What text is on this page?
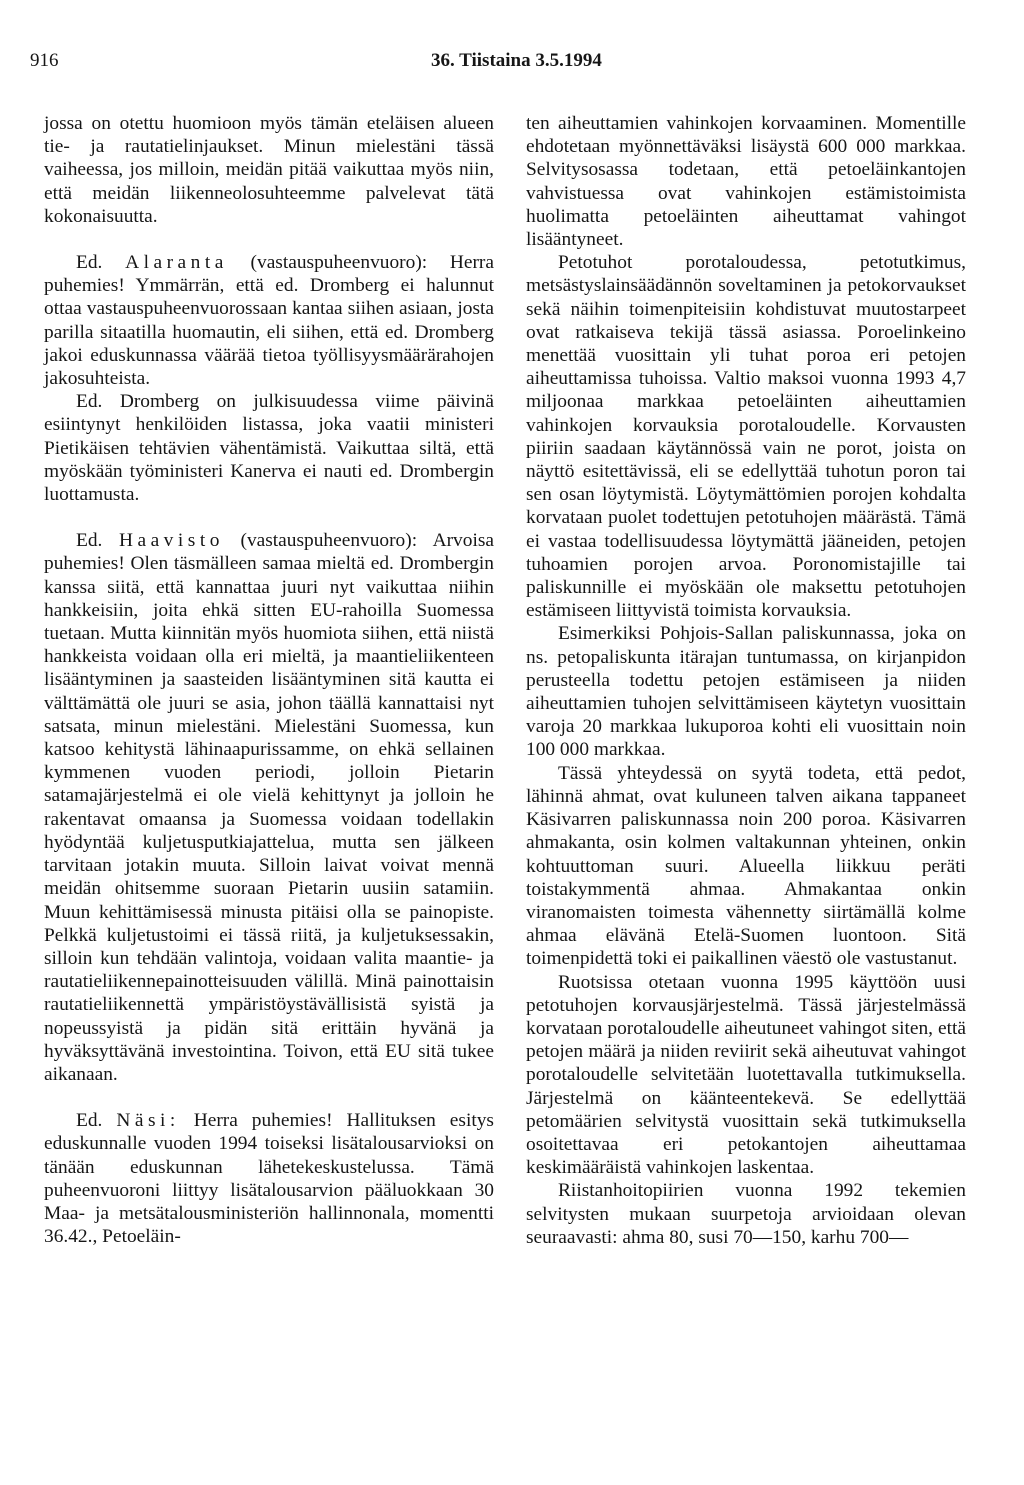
916	36. Tiistaina 3.5.1994

jossa on otettu huomioon myös tämän eteläisen alueen tie- ja rautatielinjaukset. Minun mielestäni tässä vaiheessa, jos milloin, meidän pitää vaikuttaa myös niin, että meidän liikenneolosuhteemme palvelevat tätä kokonaisuutta.

Ed. Alaranta (vastauspuheenvuoro): Herra puhemies! Ymmärrän, että ed. Dromberg ei halunnut ottaa vastauspuheenvuorossaan kantaa siihen asiaan, josta parilla sitaatilla huomautin, eli siihen, että ed. Dromberg jakoi eduskunnassa väärää tietoa työllisyysmäärärahojen jakosuhteista.

Ed. Dromberg on julkisuudessa viime päivinä esiintynyt henkilöiden listassa, joka vaatii ministeri Pietikäisen tehtävien vähentämistä. Vaikuttaa siltä, että myöskään työministeri Kanerva ei nauti ed. Drombergin luottamusta.

Ed. Haavisto (vastauspuheenvuoro): Arvoisa puhemies! Olen täsmälleen samaa mieltä ed. Drombergin kanssa siitä, että kannattaa juuri nyt vaikuttaa niihin hankkeisiin, joita ehkä sitten EU-rahoilla Suomessa tuetaan. Mutta kiinnitän myös huomiota siihen, että niistä hankkeista voidaan olla eri mieltä, ja maantieliikenteen lisääntyminen ja saasteiden lisääntyminen sitä kautta ei välttämättä ole juuri se asia, johon täällä kannattaisi nyt satsata, minun mielestäni. Mielestäni Suomessa, kun katsoo kehitystä lähinaapurissamme, on ehkä sellainen kymmenen vuoden periodi, jolloin Pietarin satamajärjestelmä ei ole vielä kehittynyt ja jolloin he rakentavat omaansa ja Suomessa voidaan todellakin hyödyntää kuljetusputkiajattelua, mutta sen jälkeen tarvitaan jotakin muuta. Silloin laivat voivat mennä meidän ohitsemme suoraan Pietarin uusiin satamiin. Muun kehittämisessä minusta pitäisi olla se painopiste. Pelkkä kuljetustoimi ei tässä riitä, ja kuljetuksessakin, silloin kun tehdään valintoja, voidaan valita maantie- ja rautatieliikennepainotteisuuden välillä. Minä painottaisin rautatieliikennettä ympäristöystävällisistä syistä ja nopeussyistä ja pidän sitä erittäin hyvänä ja hyväksyttävänä investointina. Toivon, että EU sitä tukee aikanaan.

Ed. Näsi: Herra puhemies! Hallituksen esitys eduskunnalle vuoden 1994 toiseksi lisätalousarvioksi on tänään eduskunnan lähetekeskustelussa. Tämä puheenvuoroni liittyy lisätalousarvion pääluokkaan 30 Maa- ja metsätalousministeriön hallinnonala, momentti 36.42., Petoeläin-

ten aiheuttamien vahinkojen korvaaminen. Momentille ehdotetaan myönnettäväksi lisäystä 600 000 markkaa. Selvitysosassa todetaan, että petoeläinkantojen vahvistuessa ovat vahinkojen estämistoimista huolimatta petoeläinten aiheuttamat vahingot lisääntyneet.

Petotuhot porotaloudessa, petotutkimus, metsästyslainsäädännön soveltaminen ja petokorvaukset sekä näihin toimenpiteisiin kohdistuvat muutostarpeet ovat ratkaiseva tekijä tässä asiassa. Poroelinkeino menettää vuosittain yli tuhat poroa eri petojen aiheuttamissa tuhoissa. Valtio maksoi vuonna 1993 4,7 miljoonaa markkaa petoeläinten aiheuttamien vahinkojen korvauksia porotaloudelle. Korvausten piiriin saadaan käytännössä vain ne porot, joista on näyttö esitettävissä, eli se edellyttää tuhotun poron tai sen osan löytymistä. Löytymättömien porojen kohdalta korvataan puolet todettujen petotuhojen määrästä. Tämä ei vastaa todellisuudessa löytymättä jääneiden, petojen tuhoamien porojen arvoa. Poronomistajille tai paliskunnille ei myöskään ole maksettu petotuhojen estämiseen liittyvistä toimista korvauksia.

Esimerkiksi Pohjois-Sallan paliskunnassa, joka on ns. petopaliskunta itärajan tuntumassa, on kirjanpidon perusteella todettu petojen estämiseen ja niiden aiheuttamien tuhojen selvittämiseen käytetyn vuosittain varoja 20 markkaa lukuporoa kohti eli vuosittain noin 100 000 markkaa.

Tässä yhteydessä on syytä todeta, että pedot, lähinnä ahmat, ovat kuluneen talven aikana tappaneet Käsivarren paliskunnassa noin 200 poroa. Käsivarren ahmakanta, osin kolmen valtakunnan yhteinen, onkin kohtuuttoman suuri. Alueella liikkuu peräti toistakymmentä ahmaa. Ahmakantaa onkin viranomaisten toimesta vähennetty siirtämällä kolme ahmaa elävänä Etelä-Suomen luontoon. Sitä toimenpidettä toki ei paikallinen väestö ole vastustanut.

Ruotsissa otetaan vuonna 1995 käyttöön uusi petotuhojen korvausjärjestelmä. Tässä järjestelmässä korvataan porotaloudelle aiheutuneet vahingot siten, että petojen määrä ja niiden reviirit sekä aiheutuvat vahingot porotaloudelle selvitetään luotettavalla tutkimuksella. Järjestelmä on käänteentekevä. Se edellyttää petomäärien selvitystä vuosittain sekä tutkimuksella osoitettavaa eri petokantojen aiheuttamaa keskimääräistä vahinkojen laskentaa.

Riistanhoitopiirien vuonna 1992 tekemien selvitysten mukaan suurpetoja arvioidaan olevan seuraavasti: ahma 80, susi 70—150, karhu 700—
